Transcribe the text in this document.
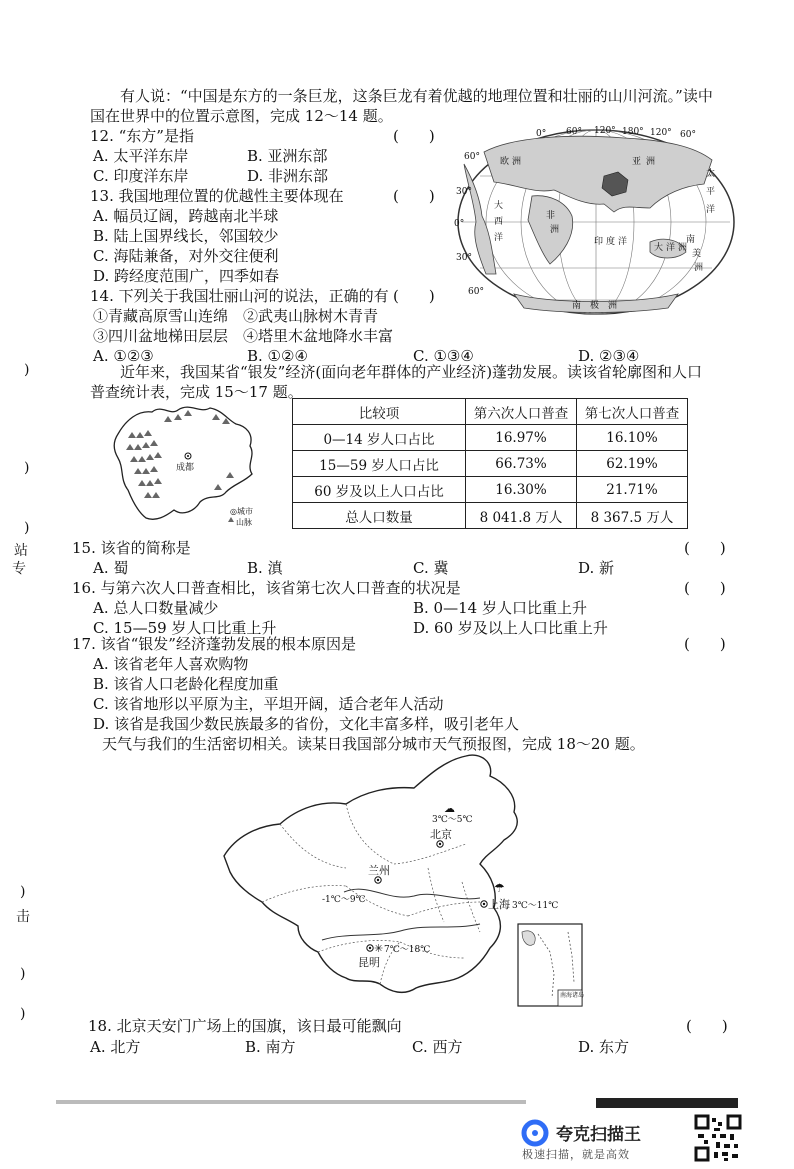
有人说：“中国是东方的一条巨龙，这条巨龙有着优越的地理位置和壮丽的山川河流。”读中
国在世界中的位置示意图，完成 12～14 题。
12. “东方”是指	(　　)
A. 太平洋东岸	B. 亚洲东部
C. 印度洋东岸	D. 非洲东部
13. 我国地理位置的优越性主要体现在	(　　)
A. 幅员辽阔，跨越南北半球
B. 陆上国界线长，邻国较少
C. 海陆兼备，对外交往便利
D. 跨经度范围广，四季如春
14. 下列关于我国壮丽山河的说法，正确的有 (　　)
①青藏高原雪山连绵　②武夷山脉树木青青
③四川盆地梯田层层　④塔里木盆地降水丰富
A. ①②③	B. ①②④	C. ①③④	D. ②③④
0° 60° 120° 180° 120° 60°
60°
30°
0°
30°
60°
欧 洲	亚 洲
非
洲
太
平
洋
大
西
洋	印 度 洋
大 洋 洲
南
美
洲
南 极 洲
近年来，我国某省“银发”经济(面向老年群体的产业经济)蓬勃发展。读该省轮廓图和人口
普查统计表，完成 15～17 题。
成都
◎城市
山脉
比较项	第六次人口普查	第七次人口普查
0—14 岁人口占比	16.97%	16.10%
15—59 岁人口占比	66.73%	62.19%
60 岁及以上人口占比	16.30%	21.71%
总人口数量	8 041.8 万人	8 367.5 万人
15. 该省的简称是	(　　)
A. 蜀	B. 滇	C. 冀	D. 新
16. 与第六次人口普查相比，该省第七次人口普查的状况是	(　　)
A. 总人口数量减少	B. 0—14 岁人口比重上升
C. 15—59 岁人口比重上升	D. 60 岁及以上人口比重上升
17. 该省“银发”经济蓬勃发展的根本原因是	(　　)
A. 该省老年人喜欢购物
B. 该省人口老龄化程度加重
C. 该省地形以平原为主，平坦开阔，适合老年人活动
D. 该省是我国少数民族最多的省份，文化丰富多样，吸引老年人
天气与我们的生活密切相关。读某日我国部分城市天气预报图，完成 18～20 题。
北京
3℃～5℃
☁
兰州
-1℃～9℃	上海 3℃～11℃
☂
昆明
7℃～18℃
✳
南海诸岛
18. 北京天安门广场上的国旗，该日最可能飘向	(　　)
A. 北方	B. 南方	C. 西方	D. 东方
)
)
)
站
专
)
击
)
)
夸克扫描王
极速扫描，就是高效
